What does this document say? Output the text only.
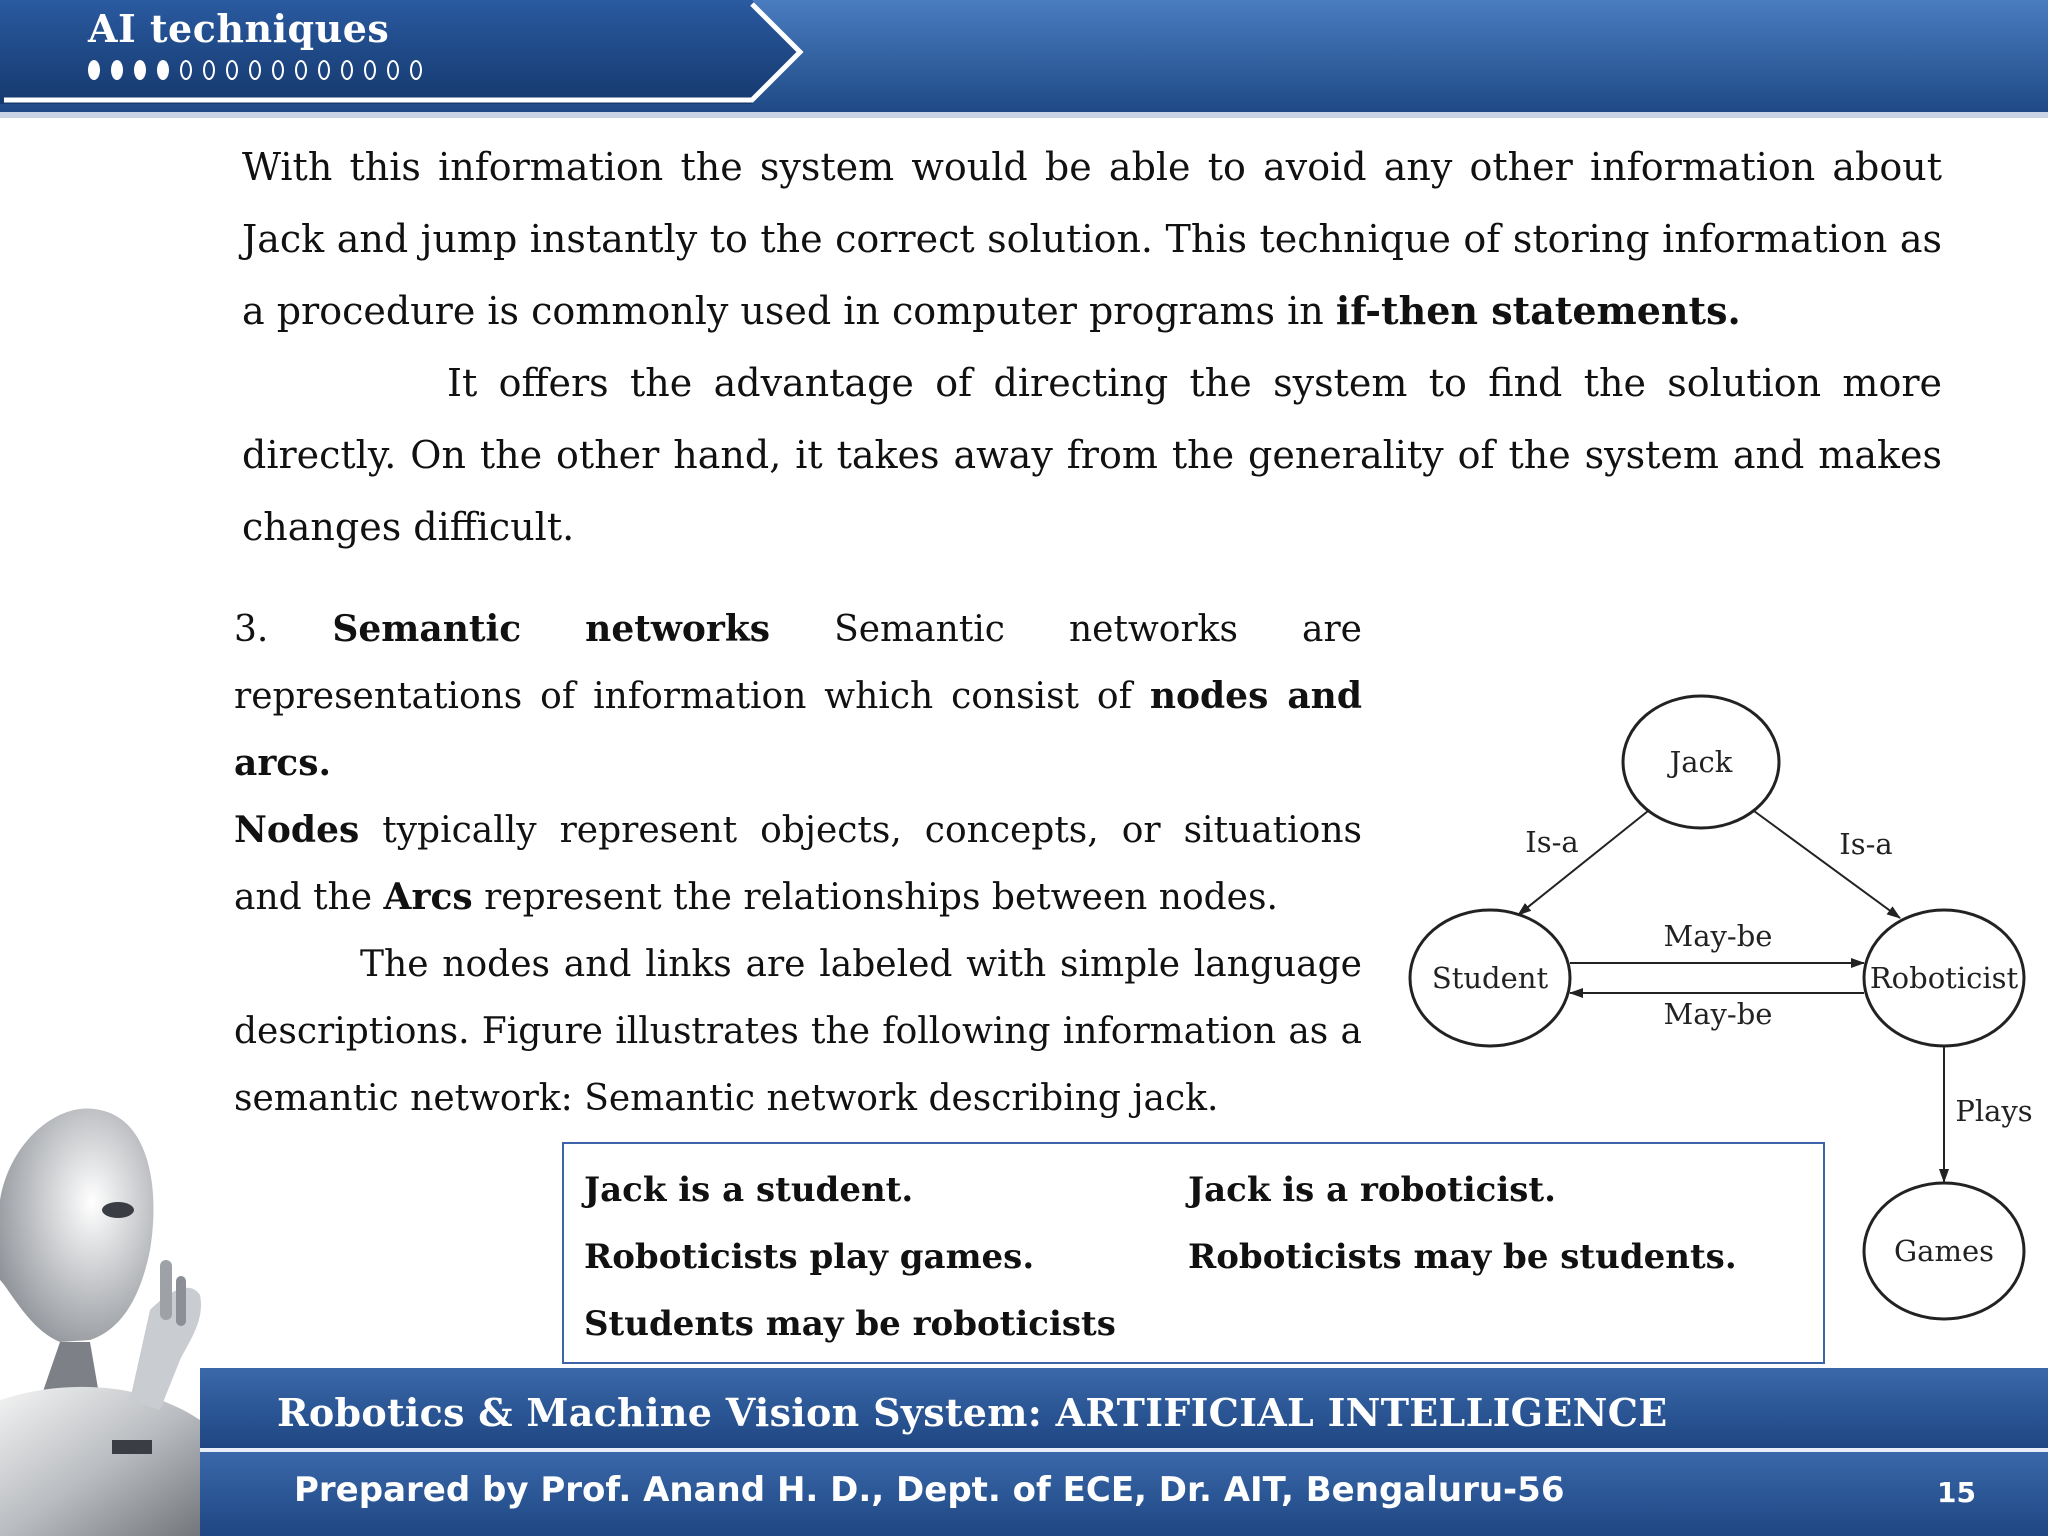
AI techniques

With this information the system would be able to avoid any other information about Jack and jump instantly to the correct solution. This technique of storing information as a procedure is commonly used in computer programs in if-then statements.

It offers the advantage of directing the system to find the solution more directly. On the other hand, it takes away from the generality of the system and makes changes difficult.

3. Semantic networks Semantic networks are

representations of information which consist of nodes and arcs.

Nodes typically represent objects, concepts, or situations and the Arcs represent the relationships between nodes.

The nodes and links are labeled with simple language descriptions. Figure illustrates the following information as a semantic network: Semantic network describing jack.

Jack
Student	Roboticist
Games
Is-a	Is-a
May-be
May-be
Plays
Jack is a student.	Jack is a roboticist.
Roboticists play games.	Roboticists may be students.
Students may be roboticists
Robotics & Machine Vision System: ARTIFICIAL INTELLIGENCE
Prepared by Prof. Anand H. D., Dept. of ECE, Dr. AIT, Bengaluru-56	15
